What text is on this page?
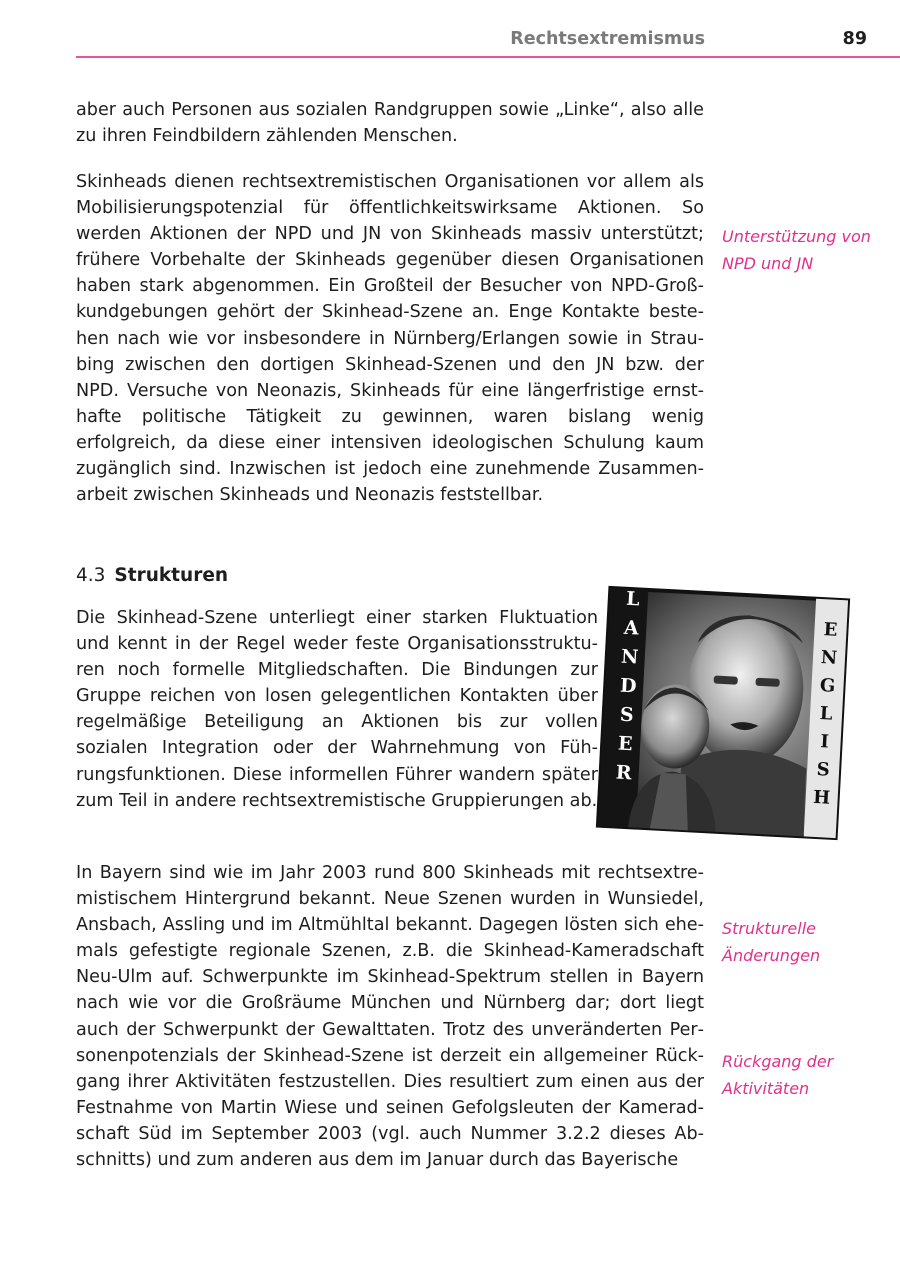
Rechtsextremismus	89

aber auch Personen aus sozialen Randgruppen sowie „Linke“, also alle zu ihren Feindbildern zählenden Menschen.

Skinheads dienen rechtsextremistischen Organisationen vor allem als Mobilisierungspotenzial für öffentlichkeitswirksame Aktionen. So werden Aktionen der NPD und JN von Skinheads massiv unterstützt; frühere Vorbehalte der Skinheads gegenüber diesen Organisationen haben stark abgenommen. Ein Großteil der Besucher von NPD-Großkundgebungen gehört der Skinhead-Szene an. Enge Kontakte bestehen nach wie vor insbesondere in Nürnberg/Erlangen sowie in Straubing zwischen den dortigen Skinhead-Szenen und den JN bzw. der NPD. Versuche von Neonazis, Skinheads für eine längerfristige ernsthafte politische Tätigkeit zu gewinnen, waren bislang wenig erfolgreich, da diese einer intensiven ideologischen Schulung kaum zugänglich sind. Inzwischen ist jedoch eine zunehmende Zusammenarbeit zwischen Skinheads und Neonazis feststellbar.

Unterstützung von NPD und JN
4.3 Strukturen

Die Skinhead-Szene unterliegt einer starken Fluktuation und kennt in der Regel weder feste Organisationsstrukturen noch formelle Mitgliedschaften. Die Bindungen zur Gruppe reichen von losen gelegentlichen Kontakten über regelmäßige Beteiligung an Aktionen bis zur vollen sozialen Integration oder der Wahrnehmung von Führungsfunktionen. Diese informellen Führer wandern später zum Teil in andere rechtsextremistische Gruppierungen ab.

LANDSER
ENGLISH

In Bayern sind wie im Jahr 2003 rund 800 Skinheads mit rechtsextremistischem Hintergrund bekannt. Neue Szenen wurden in Wunsiedel, Ansbach, Assling und im Altmühltal bekannt. Dagegen lösten sich ehemals gefestigte regionale Szenen, z.B. die Skinhead-Kameradschaft Neu-Ulm auf. Schwerpunkte im Skinhead-Spektrum stellen in Bayern nach wie vor die Großräume München und Nürnberg dar; dort liegt auch der Schwerpunkt der Gewalttaten. Trotz des unveränderten Personenpotenzials der Skinhead-Szene ist derzeit ein allgemeiner Rückgang ihrer Aktivitäten festzustellen. Dies resultiert zum einen aus der Festnahme von Martin Wiese und seinen Gefolgsleuten der Kameradschaft Süd im September 2003 (vgl. auch Nummer 3.2.2 dieses Abschnitts) und zum anderen aus dem im Januar durch das Bayerische

Strukturelle Änderungen
Rückgang der Aktivitäten
